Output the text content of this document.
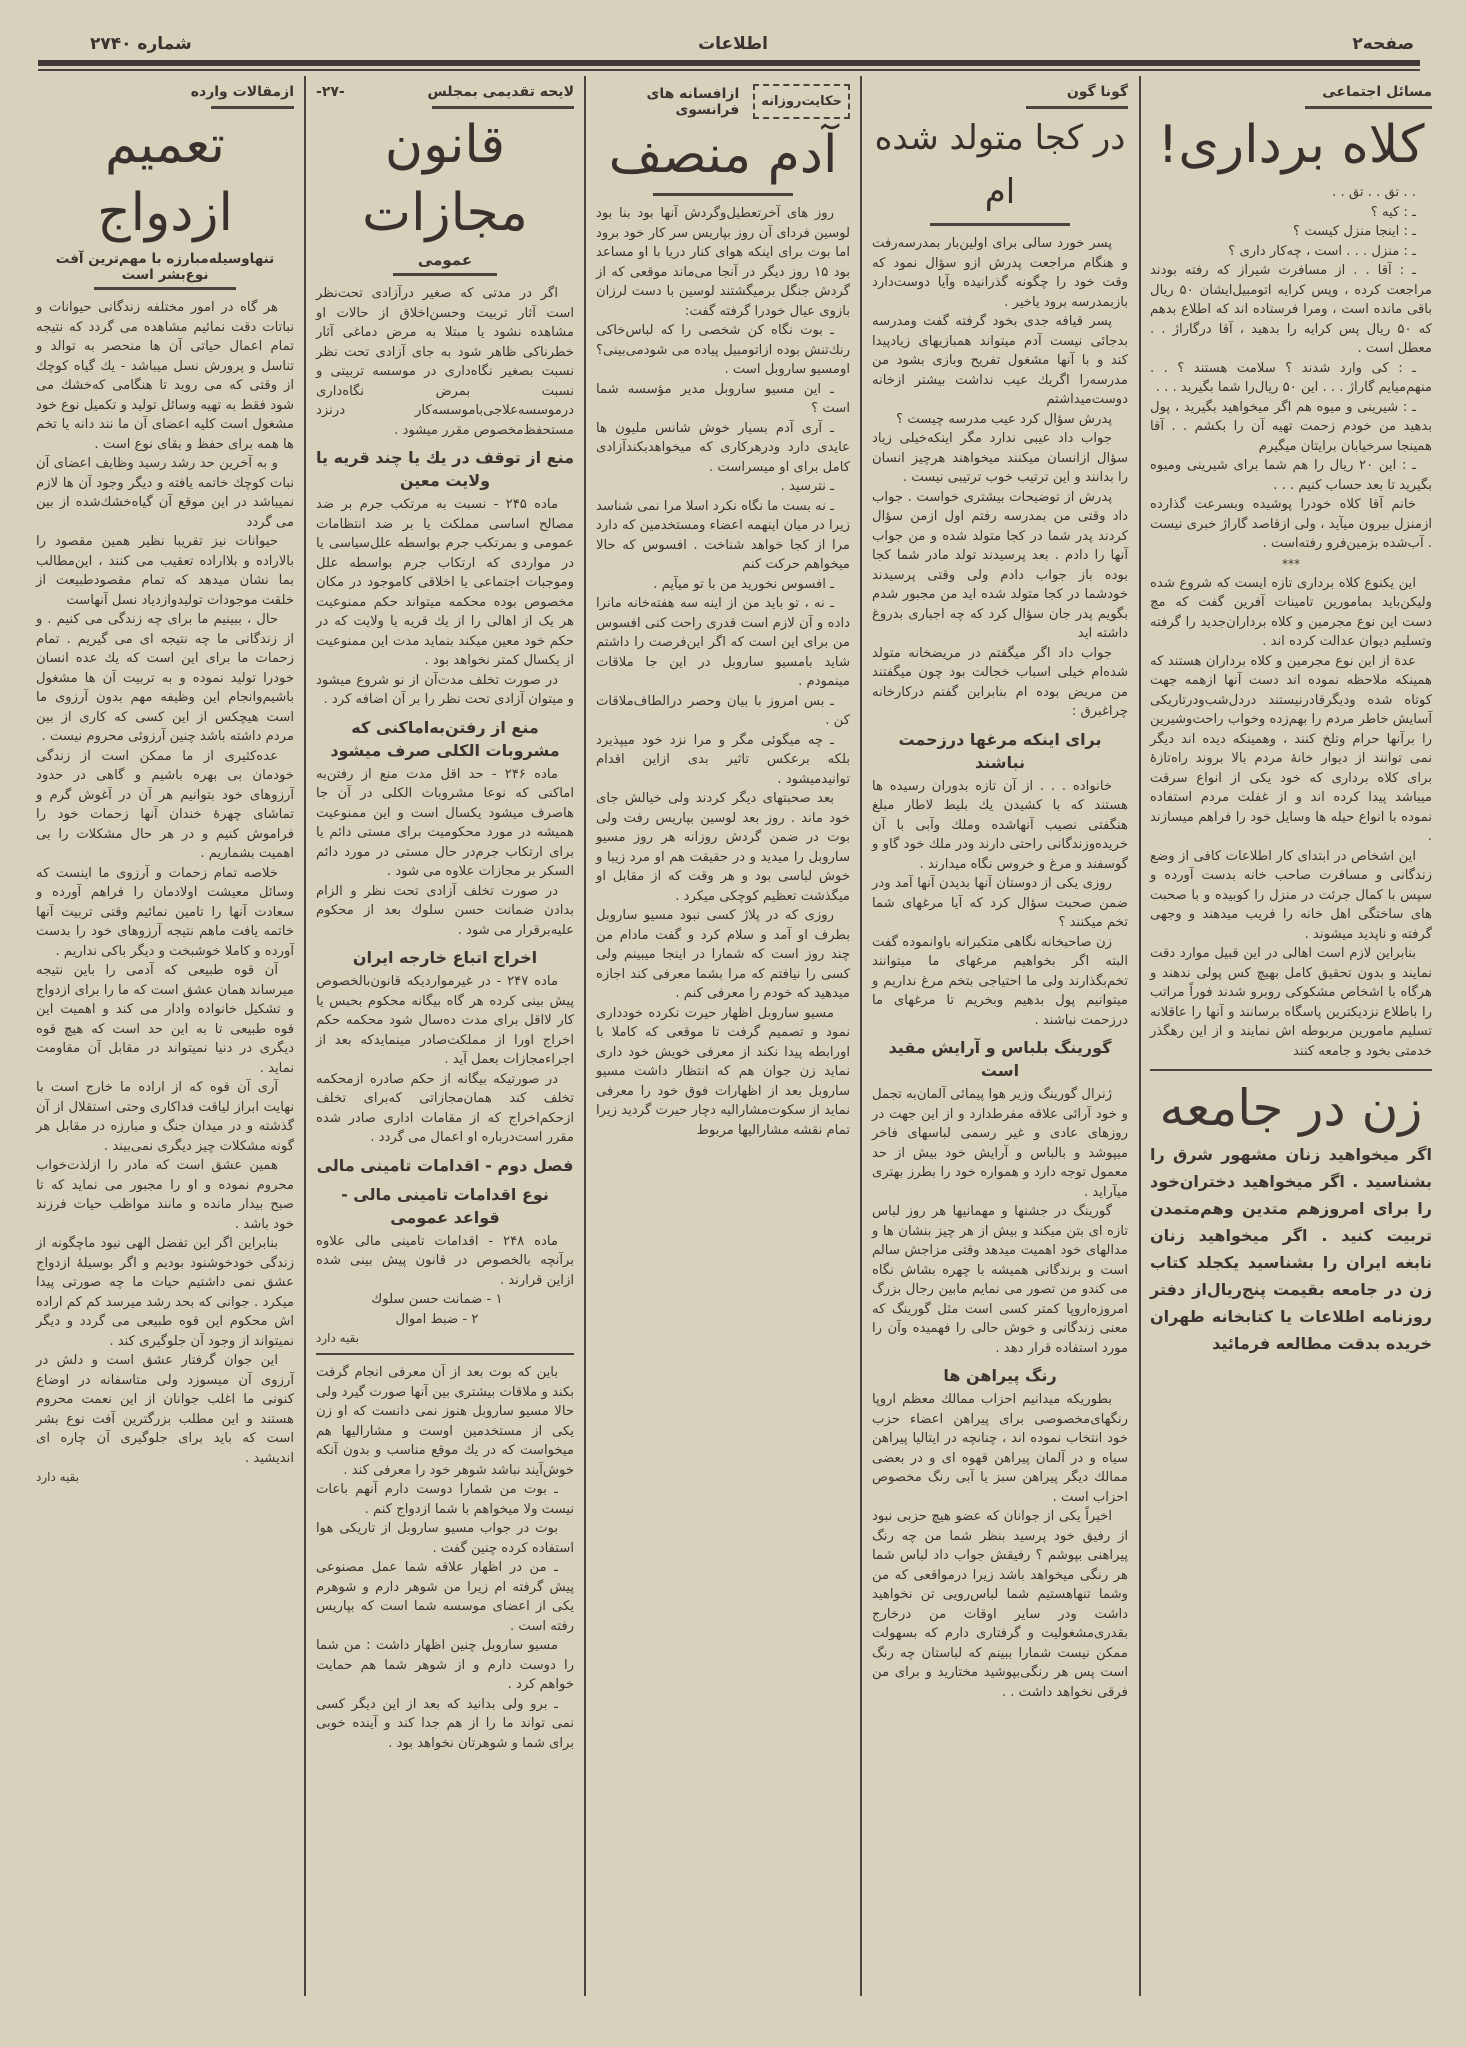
صفحه۲
اطلاعات
شماره ۲۷۴۰
مسائل اجتماعی
کلاه برداری!
. . تق . . تق . .
ـ : کیه ؟
ـ : اینجا منزل کیست ؟
ـ : منزل . . . است ، چه‌کار داری ؟
ـ : آقا . . از مسافرت شیراز که رفته بودند مراجعت کرده ، وپس کرایه اتومبیل‌ایشان ۵۰ ریال باقی مانده است ، ومرا فرستاده اند که اطلاع بدهم که ۵۰ ریال پس کرایه را بدهید ، آقا درگاراژ . . معطل است .
ـ : کی وارد شدند ؟ سلامت هستند ؟ . . منهم‌میایم گاراژ . . . این ۵۰ ریال‌را شما بگیرید . . .
ـ : شیرینی و میوه هم اگر میخواهید بگیرید ، پول بدهید من خودم زحمت تهیه آن را بکشم . . آقا همینجا سرخیابان برایتان میگیرم
ـ : این ۲۰ ریال را هم شما برای شیرینی ومیوه بگیرید تا بعد حساب کنیم . . .
خانم آقا کلاه خودرا پوشیده وبسرعت گذارده ازمنزل بیرون میآید ، ولی ازقاصد گاراژ خبری نیست . آب‌شده بزمین‌فرو رفته‌است .
***
این یکنوع کلاه برداری تازه ایست که شروع شده ولیکن‌باید بمامورین تامینات آفرین گفت که مچ دست این نوع مجرمین و کلاه برداران‌جدید را گرفته وتسلیم دیوان عدالت کرده اند .
عدة از این نوع مجرمین و کلاه برداران هستند که همینکه ملاحظه نموده اند دست آنها ازهمه جهت کوتاه شده ودیگرقادرنیستند دردل‌شب‌ودرتاریکی آسایش خاطر مردم را بهم‌زده وخواب راحت‌وشیرین را برآنها حرام وتلخ کنند ، وهمینکه دیده اند دیگر نمی توانند از دیوار خانهٔ مردم بالا بروند راه‌تازهٔ برای کلاه برداری که خود یکی از انواع سرقت میباشد پیدا کرده اند و از غفلت مردم استفاده نموده با انواع حیله ها وسایل خود را فراهم میسازند .
این اشخاص در ابتدای کار اطلاعات کافی از وضع زندگانی و مسافرت صاحب خانه بدست آورده و سپس با کمال جرئت در منزل را کوبیده و با صحبت های ساختگی اهل خانه را فریب میدهند و وجهی گرفته و ناپدید میشوند .
بنابراین لازم است اهالی در این قبیل موارد دقت نمایند و بدون تحقیق کامل بهیچ کس پولی ندهند و هرگاه با اشخاص مشکوکی روبرو شدند فوراً مراتب را باطلاع نزدیکترین پاسگاه برسانند و آنها را عاقلانه تسلیم مامورین مربوطه اش نمایند و از این رهگذر خدمتی بخود و جامعه کنند
زن در جامعه
اگر میخواهید زنان مشهور شرق را بشناسید . اگر میخواهید دختران‌خود را برای امروزهم متدین وهم‌متمدن تربیت کنید . اگر میخواهید زنان نابغه ایران را بشناسید یکجلد کتاب زن در جامعه بقیمت پنج‌ریال‌از دفتر روزنامه اطلاعات یا کتابخانه طهران خریده بدقت مطالعه فرمائید
گونا گون
در کجا متولد شده ام
پسر خورد سالی برای اولین‌بار بمدرسه‌رفت و هنگام مراجعت پدرش ازو سؤال نمود که وقت خود را چگونه گذرانیده وآیا دوست‌دارد بازبمدرسه برود یاخیر .
پسر قیافه جدی بخود گرفته گفت ومدرسه بدجائی نیست آدم میتواند همبازیهای زیادپیدا کند و با آنها مشغول تفریح وبازی بشود من مدرسه‌را اگریك عیب نداشت بیشتر ازخانه دوست‌میداشتم
پدرش سؤال کرد عیب مدرسه چیست ؟
جواب داد عیبی ندارد مگر اینکه‌خیلی زیاد سؤال ازانسان میکنند میخواهند هرچیز انسان را بدانند و این ترتیب خوب ترتیبی نیست .
پدرش از توضیحات بیشتری خواست . جواب داد وقتی من بمدرسه رفتم اول ازمن سؤال کردند پدر شما در کجا متولد شده و من جواب آنها را دادم . بعد پرسیدند تولد مادر شما کجا بوده باز جواب دادم ولی وقتی پرسیدند خودشما در کجا متولد شده اید من مجبور شدم بگویم پدر جان سؤال کرد که چه اجباری بدروغ داشته اید
جواب داد اگر میگفتم در مریضخانه متولد شده‌ام خیلی اسباب خجالت بود چون میگفتند من مریض بوده ام بنابراین گفتم درکارخانه چراغبرق :
برای اینکه مرغها درزحمت نباشند
خانواده . . . از آن تازه بدوران رسیده ها هستند که با کشیدن یك بلیط لاطار مبلغ هنگفتی نصیب آنهاشده وملك وآبی با آن خریده‌وزندگانی راحتی دارند ودر ملك خود گاو و گوسفند و مرغ و خروس نگاه میدارند .
روزی یکی از دوستان آنها بدیدن آنها آمد ودر ضمن صحبت سؤال کرد که آیا مرغهای شما تخم میکنند ؟
زن صاحبخانه نگاهی متکبرانه باوانموده گفت البته اگر بخواهیم مرغهای ما میتوانند تخم‌بگذارند ولی ما احتیاجی بتخم مرغ نداریم و میتوانیم پول بدهیم وبخریم تا مرغهای ما درزحمت نباشند .
گورینگ بلباس و آرایش مقید است
ژنرال گورینگ وزیر هوا پیمائی آلمان‌به تجمل و خود آرائی علاقه مفرطدارد و از این جهت در روزهای عادی و غیر رسمی لباسهای فاخر میپوشد و بالباس و آرایش خود بیش از حد معمول توجه دارد و همواره خود را بطرز بهتری میآراید .
گورینگ در جشنها و مهمانیها هر روز لباس تازه ای بتن میکند و بیش از هر چیز بنشان ها و مدالهای خود اهمیت میدهد وقتی مزاجش سالم است و برندگانی همیشه با چهره بشاش نگاه می کندو من تصور می نمایم مابین رجال بزرگ امروزه‌اروپا کمتر کسی است مثل گورینگ که معنی زندگانی و خوش حالی را فهمیده وآن را مورد استفاده قرار دهد .
رنگ پیراهن ها
بطوریکه میدانیم احزاب ممالك معظم اروپا رنگهای‌مخصوصی برای پیراهن اعضاء حزب خود انتخاب نموده اند ، چنانچه در ایتالیا پیراهن سیاه و در آلمان پیراهن قهوه ای و در بعضی ممالك دیگر پیراهن سبز یا آبی رنگ مخصوص احزاب است .
اخیراً یکی از جوانان که عضو هیچ حزبی نبود از رفیق خود پرسید بنظر شما من چه رنگ پیراهنی بپوشم ؟ رفیقش جواب داد لباس شما هر رنگی میخواهد باشد زیرا درمواقعی که من وشما تنهاهستیم شما لباس‌رویی تن نخواهید داشت ودر سایر اوقات من درخارج بقدری‌مشغولیت و گرفتاری دارم که بسهولت ممکن نیست شمارا ببینم که لباستان چه رنگ است پس هر رنگی‌بپوشید مختارید و برای من فرقی نخواهد داشت . .
حکایت‌روزانه
ازافسانه های فرانسوی
آدم منصف
روز های آخرتعطیل‌وگردش آنها بود بنا بود لوسین فردای آن روز بپاریس سر کار خود برود اما بوت برای اینکه هوای کنار دریا با او مساعد بود ۱۵ روز دیگر در آنجا می‌ماند موقعی که از گردش جنگل برمیگشتند لوسین با دست لرزان بازوی عیال خودرا گرفته گفت:
ـ بوت نگاه کن شخصی را که لباس‌خاکی رنك‌تنش بوده ازاتومبیل پیاده می شود‌می‌بینی؟ اومسیو ساروبل است .
ـ این مسیو ساروبل مدیر مؤسسه شما است ؟
ـ آری آدم بسیار خوش شانس ملیون ها عایدی دارد ودرهرکاری که میخواهد‌بکند‌آزادی کامل برای او میسراست .
ـ نترسید .
ـ نه بست ما نگاه نکرد اسلا مرا نمی شناسد زیرا در میان اینهمه اعضاء ومستخدمین که دارد مرا از کجا خواهد شناخت . افسوس که حالا میخواهم حرکت کنم
ـ افسوس نخورید من با تو میآیم .
ـ نه ، تو باید من از اینه سه هفته‌خانه مانرا داده و آن لازم است قدری راحت کنی افسوس من برای این است که اگر این‌فرصت را داشتم شاید بامسیو ساروبل در این جا ملاقات مینمودم .
ـ بس امروز با بیان وحصر درالطاف‌ملاقات کن .
ـ چه میگوئی مگر و مرا نزد خود میپذیرد بلکه برعکس تاثیر بدی ازاین اقدام توانید‌میشود .
بعد صحبتهای دیگر کردند ولی خیالش جای خود ماند . روز بعد لوسین بپاریس رفت ولی بوت در ضمن گردش روزانه هر روز مسیو ساروبل را میدید و در حقیقت هم او مرد زیبا و خوش لباسی بود و هر وقت که از مقابل او میگذشت تعظیم کوچکی میکرد .
روزی که در پلاژ کسی نبود مسیو ساروبل بطرف او آمد و سلام کرد و گفت مادام من چند روز است که شمارا در اینجا میبینم ولی کسی را نیافتم که مرا بشما معرفی کند اجازه میدهید که خودم را معرفی کنم .
مسیو ساروبل اظهار حیرت نکرده خودداری نمود و تصمیم گرفت تا موقعی که کاملا با اورابطه پیدا نکند از معرفی خویش خود داری نماید زن جوان هم که انتظار داشت مسیو ساروبل بعد از اظهارات فوق خود را معرفی نماید از سکوت‌مشارالیه دچار حیرت گردید زیرا تمام نقشه مشارالیها مربوط
لایحه تقدیمی بمجلس
-۲۷-
قانون مجازات
عمومی
اگر در مدتی که صغیر درآزادی تحت‌نظر است آثار تربیت وحسن‌اخلاق از حالات او مشاهده نشود یا مبتلا به مرض دماغی آثار خطرناکی ظاهر شود به جای آزادی تحت نظر نسبت بصغیر نگاه‌داری در موسسه تربیتی و نسبت بمرض نگاه‌داری درموسسه‌علاجی‌باموسسه‌کار درنزد مستحفظ‌مخصوص مقرر میشود .
منع از توقف در یك یا چند قریه یا ولایت معین
ماده ۲۴۵ - نسبت به مرتکب جرم بر ضد مصالح اساسی مملکت یا بر ضد انتظامات عمومی و بمرتکب جرم بواسطه علل‌سیاسی یا در مواردی که ارتکاب جرم بواسطه علل وموجبات اجتماعی یا اخلاقی کاموجود در مکان مخصوص بوده محکمه میتواند حکم ممنوعیت هر یک از اهالی را از یك قریه یا ولایت که در حکم خود معین میکند بنماید مدت این ممنوعیت از یکسال کمتر نخواهد بود .
در صورت تخلف مدت‌آن از نو شروع میشود و میتوان آزادی تحت نظر را بر آن اضافه کرد .
منع از رفتن‌به‌اماکنی که مشروبات الکلی صرف میشود
ماده ۲۴۶ - حد اقل مدت منع از رفتن‌به اماکنی که نوعا مشروبات الکلی در آن جا هاصرف میشود یکسال است و این ممنوعیت همیشه در مورد محکومیت برای مستی دائم یا برای ارتکاب جرم‌در حال مستی در مورد دائم السکر بر مجازات علاوه می شود .
در صورت تخلف آزادی تحت نظر و الزام بدادن ضمانت حسن سلوك بعد از محکوم علیه‌برقرار می شود .
اخراج اتباع خارجه ایران
ماده ۲۴۷ - در غیرمواردیکه قانون‌بالخصوص پیش بینی کرده هر گاه بیگانه محکوم بحبس یا کار لااقل برای مدت ده‌سال شود محکمه حکم اخراج اورا از مملکت‌صادر مینمایدکه بعد از اجراء‌مجازات بعمل آید .
در صورتیکه بیگانه از حکم صادره ازمحکمه تخلف کند همان‌مجازاتی که‌برای تخلف ازحکم‌اخراج که از مقامات اداری صادر شده مقرر است‌درباره او اعمال می گردد .
فصل دوم - اقدامات تامینی مالی
نوع اقدامات تامینی مالی - قواعد عمومی
ماده ۲۴۸ - اقدامات تامینی مالی علاوه برآنچه بالخصوص در قانون پیش بینی شده ازاین قرارند .
۱ - ضمانت حسن سلوك
۲ - ضبط اموال
بقیه دارد
باین که بوت بعد از آن معرفی انجام گرفت بکند و ملاقات بیشتری بین آنها صورت گیرد ولی حالا مسیو ساروبل هنوز نمی دانست که او زن یکی از مستخدمین اوست و مشارالیها هم میخواست که در یك موقع مناسب و بدون آنکه خوش‌آیند نباشد شوهر خود را معرفی کند .
ـ بوت من شمارا دوست دارم آنهم باعات نیست ولا میخواهم با شما ازدواج کنم .
بوت در جواب مسیو ساروبل از تاریکی هوا استفاده کرده چنین گفت .
ـ من در اظهار علاقه شما عمل مصنوعی پیش گرفته ام زیرا من شوهر دارم و شوهرم یکی از اعضای موسسه شما است که بپاریس رفته است .
مسیو ساروبل چنین اظهار داشت : من شما را دوست دارم و از شوهر شما هم حمایت خواهم کرد .
ـ برو ولی بدانید که بعد از این دیگر کسی نمی تواند ما را از هم جدا کند و آینده خوبی برای شما و شوهرتان نخواهد بود .
ازمقالات وارده
تعمیم ازدواج
تنهاوسیله‌مبارزه با مهم‌ترین آفت نوع‌بشر است
هر گاه در امور مختلفه زندگانی حیوانات و نباتات دقت نمائیم مشاهده می گردد که نتیجه تمام اعمال حیاتی آن ها منحصر به توالد و تناسل و پرورش نسل میباشد - یك گیاه کوچك از وقتی که می روید تا هنگامی که‌خشك می شود فقط به تهیه وسائل تولید و تکمیل نوع خود مشغول است کلیه اعضای آن ما نند دانه یا تخم ها همه برای حفظ و بقای نوع است .
و به آخرین حد رشد رسید وظایف اعضای آن نبات کوچك خاتمه یافته و دیگر وجود آن ها لازم نمیباشد در این موقع آن گیاه‌خشك‌شده از بین می گردد
حیوانات نیز تقریبا نظیر همین مقصود را بالاراده و بلااراده تعقیب می کنند ، این‌مطالب بما نشان میدهد که تمام مقصود‌طبیعت از خلقت موجودات تولیدوازدیاد نسل آنهاست
حال ، ببینیم ما برای چه زندگی می کنیم . و از زندگانی ما چه نتیجه ای می گیریم . تمام زحمات ما برای این است که یك عده انسان خودرا تولید نموده و به تربیت آن ها مشغول باشیم‌وانجام این وظیفه مهم بدون آرزوی ما است هیچکس از این کسی که کاری از بین مردم داشته باشد چنین آرزوئی محروم نیست .
عده‌کثیری از ما ممکن است از زندگی خودمان بی بهره باشیم و گاهی در حدود آرزوهای خود بتوانیم هر آن در آغوش گرم و تماشای چهرهٔ خندان آنها زحمات خود را فراموش کنیم و در هر حال مشکلات را بی اهمیت بشماریم .
خلاصه تمام زحمات و آرزوی ما اینست که وسائل معیشت اولادمان را فراهم آورده و سعادت آنها را تامین نمائیم وقتی تربیت آنها خاتمه یافت ماهم نتیجه آرزوهای خود را بدست آورده و کاملا خوشبخت و دیگر باکی نداریم .
آن قوه طبیعی که آدمی را باین نتیجه میرساند همان عشق است که ما را برای ازدواج و تشکیل خانواده وادار می کند و اهمیت این قوه طبیعی تا به این حد است که هیچ قوه دیگری در دنیا نمیتواند در مقابل آن مقاومت نماید .
آری آن قوه که از اراده ما خارج است با نهایت ابراز لیاقت فداکاری وحتی استقلال از آن گذشته و در میدان جنگ و مبارزه در مقابل هر گونه مشکلات چیز دیگری نمی‌بیند .
همین عشق است که مادر را ازلذت‌خواب محروم نموده و او را مجبور می نماید که تا صبح بیدار مانده و مانند مواظب حیات فرزند خود باشد .
بنابراین اگر این تفضل الهی نبود ماچگونه از زندگی خودخوشنود بودیم و اگر بوسیلهٔ ازدواج عشق نمی داشتیم حیات ما چه صورتی پیدا میکرد . جوانی که بحد رشد میرسد کم کم اراده اش محکوم این قوه طبیعی می گردد و دیگر نمیتواند از وجود آن جلوگیری کند .
این جوان گرفتار عشق است و دلش در آرزوی آن میسوزد ولی متاسفانه در اوضاع کنونی ما اغلب جوانان از این نعمت محروم هستند و این مطلب بزرگترین آفت نوع بشر است که باید برای جلوگیری آن چاره ای اندیشید .
بقیه دارد
